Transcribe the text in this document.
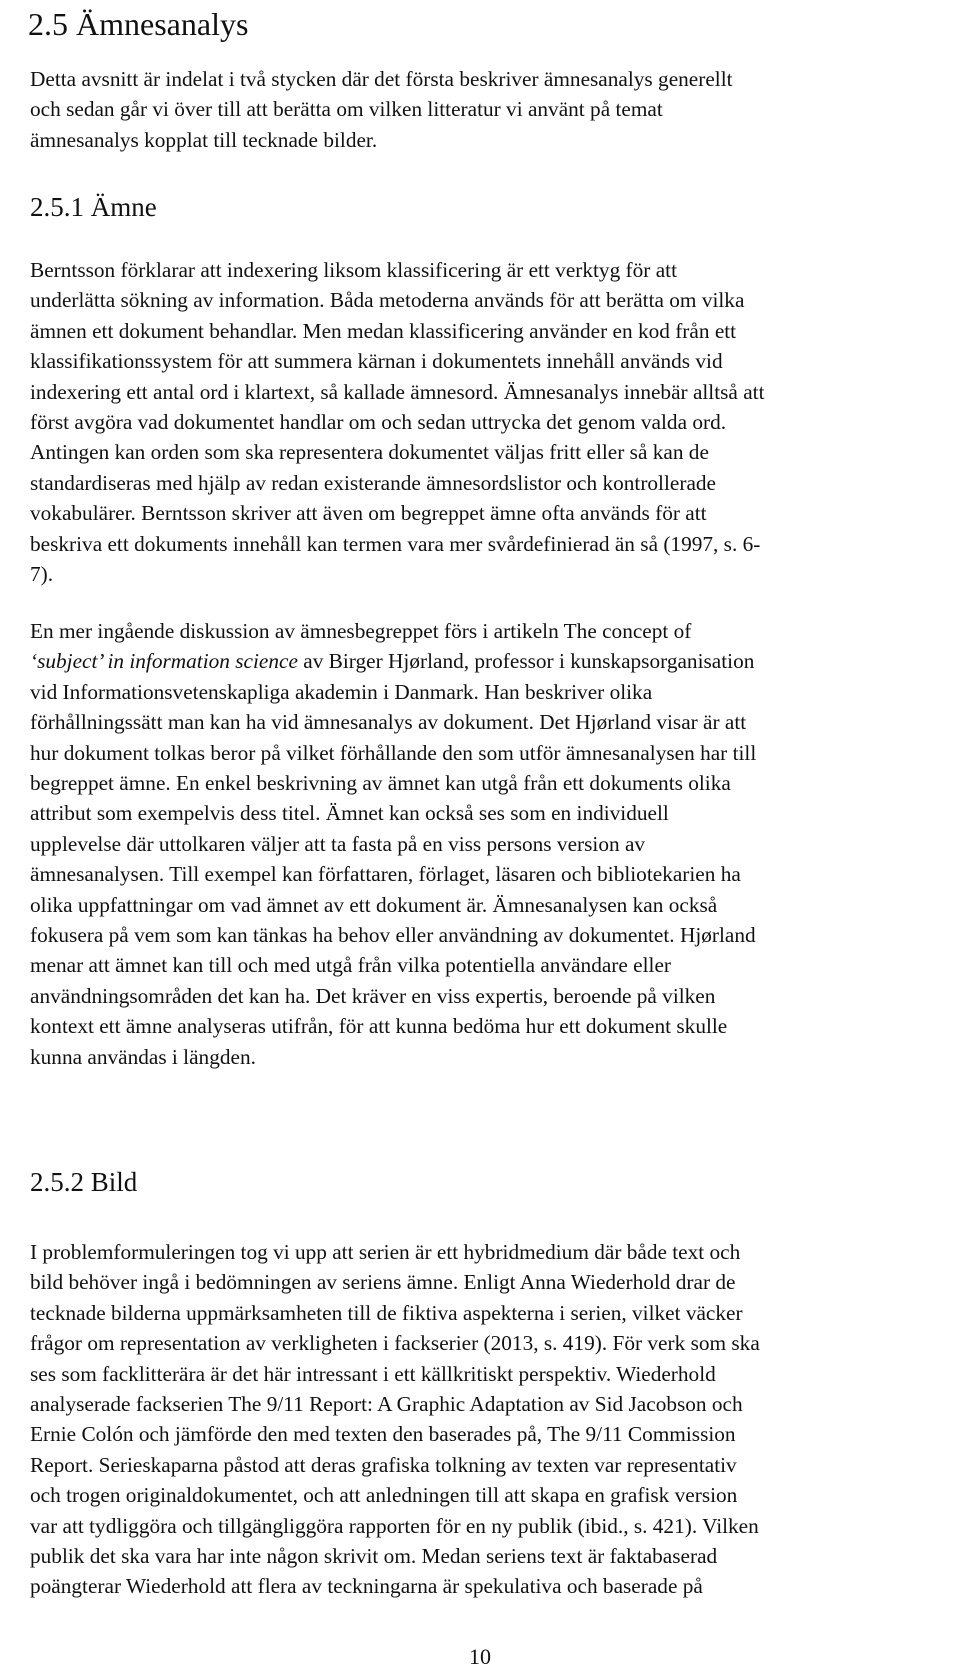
2.5 Ämnesanalys

Detta avsnitt är indelat i två stycken där det första beskriver ämnesanalys generellt
och sedan går vi över till att berätta om vilken litteratur vi använt på temat
ämnesanalys kopplat till tecknade bilder.

2.5.1 Ämne

Berntsson förklarar att indexering liksom klassificering är ett verktyg för att
underlätta sökning av information. Båda metoderna används för att berätta om vilka
ämnen ett dokument behandlar. Men medan klassificering använder en kod från ett
klassifikationssystem för att summera kärnan i dokumentets innehåll används vid
indexering ett antal ord i klartext, så kallade ämnesord. Ämnesanalys innebär alltså att
först avgöra vad dokumentet handlar om och sedan uttrycka det genom valda ord.
Antingen kan orden som ska representera dokumentet väljas fritt eller så kan de
standardiseras med hjälp av redan existerande ämnesordslistor och kontrollerade
vokabulärer. Berntsson skriver att även om begreppet ämne ofta används för att
beskriva ett dokuments innehåll kan termen vara mer svårdefinierad än så (1997, s. 6-
7).

En mer ingående diskussion av ämnesbegreppet förs i artikeln The concept of
‘subject’ in information science av Birger Hjørland, professor i kunskapsorganisation
vid Informationsvetenskapliga akademin i Danmark. Han beskriver olika
förhållningssätt man kan ha vid ämnesanalys av dokument. Det Hjørland visar är att
hur dokument tolkas beror på vilket förhållande den som utför ämnesanalysen har till
begreppet ämne. En enkel beskrivning av ämnet kan utgå från ett dokuments olika
attribut som exempelvis dess titel. Ämnet kan också ses som en individuell
upplevelse där uttolkaren väljer att ta fasta på en viss persons version av
ämnesanalysen. Till exempel kan författaren, förlaget, läsaren och bibliotekarien ha
olika uppfattningar om vad ämnet av ett dokument är. Ämnesanalysen kan också
fokusera på vem som kan tänkas ha behov eller användning av dokumentet. Hjørland
menar att ämnet kan till och med utgå från vilka potentiella användare eller
användningsområden det kan ha. Det kräver en viss expertis, beroende på vilken
kontext ett ämne analyseras utifrån, för att kunna bedöma hur ett dokument skulle
kunna användas i längden.

2.5.2 Bild

I problemformuleringen tog vi upp att serien är ett hybridmedium där både text och
bild behöver ingå i bedömningen av seriens ämne. Enligt Anna Wiederhold drar de
tecknade bilderna uppmärksamheten till de fiktiva aspekterna i serien, vilket väcker
frågor om representation av verkligheten i fackserier (2013, s. 419). För verk som ska
ses som facklitterära är det här intressant i ett källkritiskt perspektiv. Wiederhold
analyserade fackserien The 9/11 Report: A Graphic Adaptation av Sid Jacobson och
Ernie Colón och jämförde den med texten den baserades på, The 9/11 Commission
Report. Serieskaparna påstod att deras grafiska tolkning av texten var representativ
och trogen originaldokumentet, och att anledningen till att skapa en grafisk version
var att tydliggöra och tillgängliggöra rapporten för en ny publik (ibid., s. 421). Vilken
publik det ska vara har inte någon skrivit om. Medan seriens text är faktabaserad
poängterar Wiederhold att flera av teckningarna är spekulativa och baserade på

10
